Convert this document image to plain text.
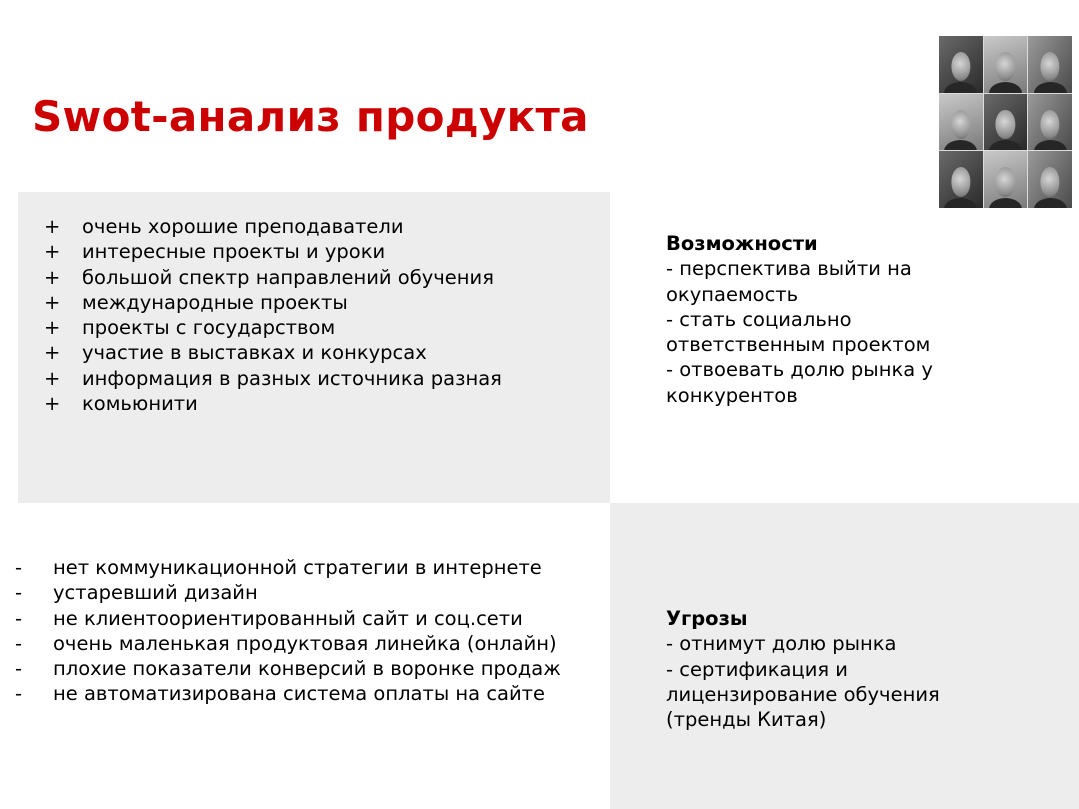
Swot-анализ продукта
+ очень хорошие преподаватели
+ интересные проекты и уроки
+ большой спектр направлений обучения
+ международные проекты
+ проекты с государством
+ участие в выставках и конкурсах
+ информация в разных источника разная
+ комьюнити
Возможности
- перспектива выйти на окупаемость
- стать социально ответственным проектом
- отвоевать долю рынка у конкурентов
- нет коммуникационной стратегии в интернете
- устаревший дизайн
- не клиентоориентированный сайт и соц.сети
- очень маленькая продуктовая линейка (онлайн)
- плохие показатели конверсий в воронке продаж
- не автоматизирована система оплаты на сайте
Угрозы
- отнимут долю рынка
- сертификация и лицензирование обучения (тренды Китая)
